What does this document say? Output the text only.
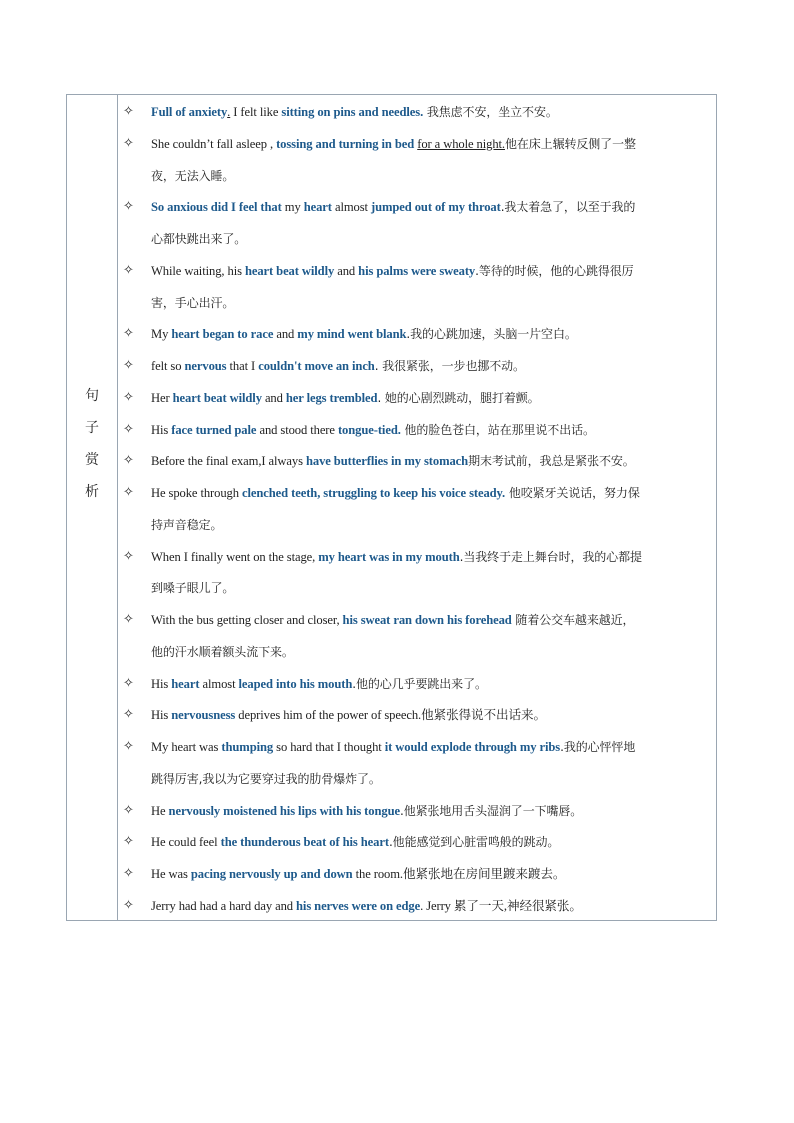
句
子
赏
析
✧ Full of anxiety. I felt like sitting on pins and needles. 我焦虑不安，坐立不安。
✧ She couldn’t fall asleep , tossing and turning in bed for a whole night.他在床上辗转反侧了一整
夜，无法入睡。
✧ So anxious did I feel that my heart almost jumped out of my throat.我太着急了，以至于我的
心都快跳出来了。
✧ While waiting, his heart beat wildly and his palms were sweaty.等待的时候，他的心跳得很厉
害，手心出汗。
✧ My heart began to race and my mind went blank.我的心跳加速，头脑一片空白。
✧ felt so nervous that I couldn't move an inch. 我很紧张，一步也挪不动。
✧ Her heart beat wildly and her legs trembled. 她的心剧烈跳动，腿打着颤。
✧ His face turned pale and stood there tongue-tied. 他的脸色苍白，站在那里说不出话。
✧ Before the final exam,I always have butterflies in my stomach期末考试前，我总是紧张不安。
✧ He spoke through clenched teeth, struggling to keep his voice steady. 他咬紧牙关说话，努力保
持声音稳定。
✧ When I finally went on the stage, my heart was in my mouth.当我终于走上舞台时，我的心都提
到嗓子眼儿了。
✧ With the bus getting closer and closer, his sweat ran down his forehead 随着公交车越来越近，
他的汗水顺着额头流下来。
✧ His heart almost leaped into his mouth.他的心几乎要跳出来了。
✧ His nervousness deprives him of the power of speech.他紧张得说不出话来。
✧ My heart was thumping so hard that I thought it would explode through my ribs.我的心怦怦地
跳得厉害,我以为它要穿过我的肋骨爆炸了。
✧ He nervously moistened his lips with his tongue.他紧张地用舌头湿润了一下嘴唇。
✧ He could feel the thunderous beat of his heart.他能感觉到心脏雷鸣般的跳动。
✧ He was pacing nervously up and down the room.他紧张地在房间里踱来踱去。
✧ Jerry had had a hard day and his nerves were on edge. Jerry 累了一天,神经很紧张。
